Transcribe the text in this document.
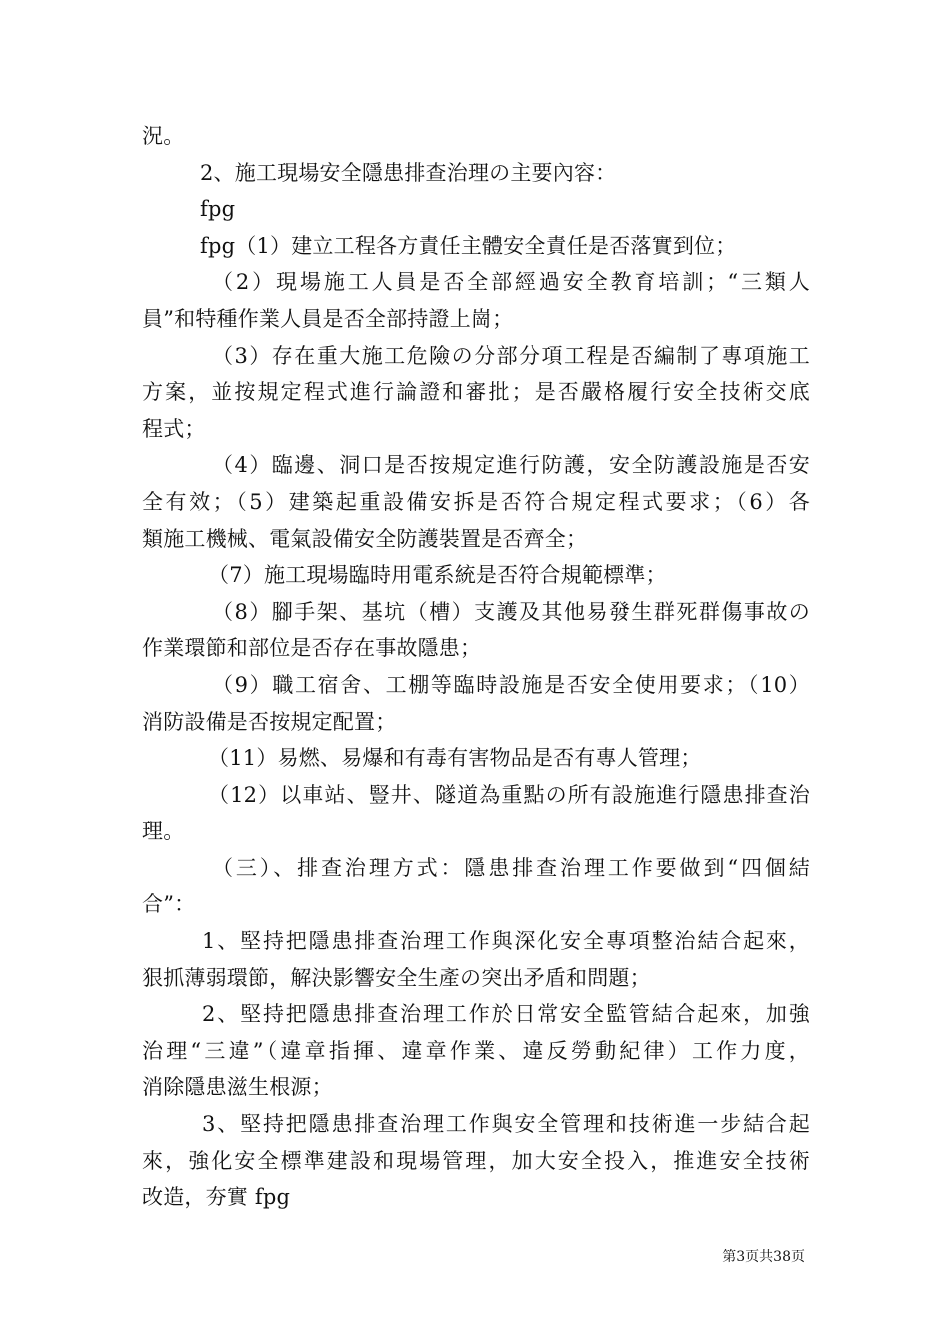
況。
2、施工現場安全隱患排查治理の主要內容：
fpg
fpg（1）建立工程各方責任主體安全責任是否落實到位；
（2）現場施工人員是否全部經過安全教育培訓；“三類人
員”和特種作業人員是否全部持證上崗；
（3）存在重大施工危險の分部分項工程是否編制了專項施工
方案，並按規定程式進行論證和審批；是否嚴格履行安全技術交底
程式；
（4）臨邊、洞口是否按規定進行防護，安全防護設施是否安
全有效；（5）建築起重設備安拆是否符合規定程式要求；（6）各
類施工機械、電氣設備安全防護裝置是否齊全；
（7）施工現場臨時用電系統是否符合規範標準；
（8）腳手架、基坑（槽）支護及其他易發生群死群傷事故の
作業環節和部位是否存在事故隱患；
（9）職工宿舍、工棚等臨時設施是否安全使用要求；（10）
消防設備是否按規定配置；
（11）易燃、易爆和有毒有害物品是否有專人管理；
（12）以車站、豎井、隧道為重點の所有設施進行隱患排查治
理。
（三）、排查治理方式：隱患排查治理工作要做到“四個結
合”：
1、堅持把隱患排查治理工作與深化安全專項整治結合起來，
狠抓薄弱環節，解決影響安全生產の突出矛盾和問題；
2、堅持把隱患排查治理工作於日常安全監管結合起來，加強
治理“三違”（違章指揮、違章作業、違反勞動紀律）工作力度，
消除隱患滋生根源；
3、堅持把隱患排查治理工作與安全管理和技術進一步結合起
來，強化安全標準建設和現場管理，加大安全投入，推進安全技術
改造，夯實 fpg
第3页共38页
